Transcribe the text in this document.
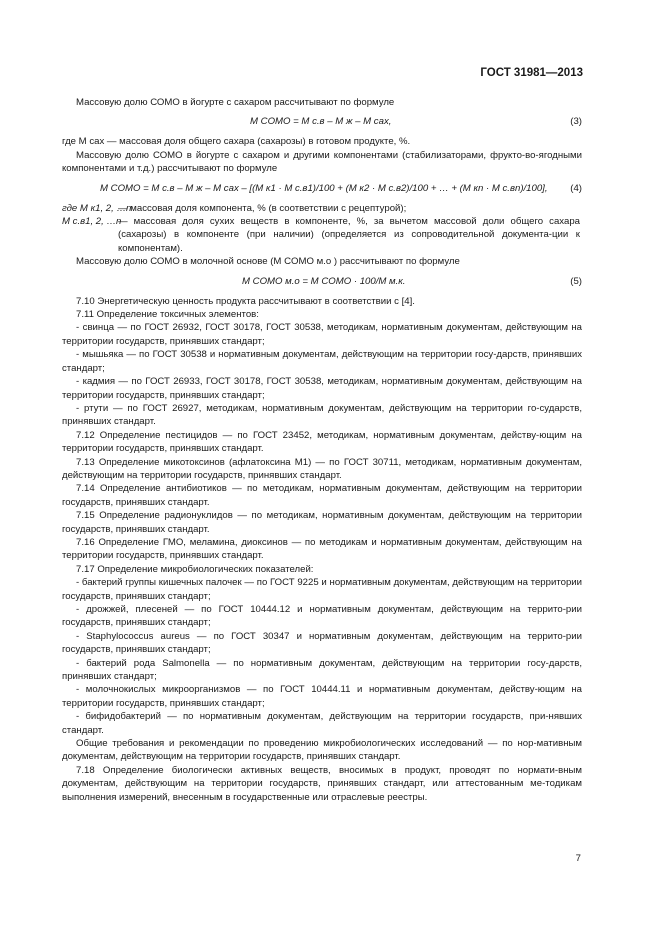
ГОСТ 31981—2013

Массовую долю СОМО в йогурте с сахаром рассчитывают по формуле

M COMO = M с.в – M ж – M сах,	(3)

где M сах — массовая доля общего сахара (сахарозы) в готовом продукте, %.

Массовую долю СОМО в йогурте с сахаром и другими компонентами (стабилизаторами, фрукто-во-ягодными компонентами и т.д.) рассчитывают по формуле

M COMO = M с.в – M ж – M сах – [(M к1 · M с.в1)/100 + (M к2 · M с.в2)/100 + … + (M кn · M с.вn)/100], (4)
где M к1, 2, …n— массовая доля компонента, % (в соответствии с рецептурой);
M с.в1, 2, …n— массовая доля сухих веществ в компоненте, %, за вычетом массовой доли общего сахара (сахарозы) в компоненте (при наличии) (определяется из сопроводительной документа-ции к компонентам).

Массовую долю СОМО в молочной основе (M COMO м.о ) рассчитывают по формуле

M COMO м.о = M COMO · 100/M м.к.	(5)

7.10 Энергетическую ценность продукта рассчитывают в соответствии с [4].

7.11 Определение токсичных элементов:

- свинца — по ГОСТ 26932, ГОСТ 30178, ГОСТ 30538, методикам, нормативным документам, действующим на территории государств, принявших стандарт;

- мышьяка — по ГОСТ 30538 и нормативным документам, действующим на территории госу-дарств, принявших стандарт;

- кадмия — по ГОСТ 26933, ГОСТ 30178, ГОСТ 30538, методикам, нормативным документам, действующим на территории государств, принявших стандарт;

- ртути — по ГОСТ 26927, методикам, нормативным документам, действующим на территории го-сударств, принявших стандарт.

7.12 Определение пестицидов — по ГОСТ 23452, методикам, нормативным документам, действу-ющим на территории государств, принявших стандарт.

7.13 Определение микотоксинов (афлатоксина M1) — по ГОСТ 30711, методикам, нормативным документам, действующим на территории государств, принявших стандарт.

7.14 Определение антибиотиков — по методикам, нормативным документам, действующим на территории государств, принявших стандарт.

7.15 Определение радионуклидов — по методикам, нормативным документам, действующим на территории государств, принявших стандарт.

7.16 Определение ГМО, меламина, диоксинов — по методикам и нормативным документам, действующим на территории государств, принявших стандарт.

7.17 Определение микробиологических показателей:

- бактерий группы кишечных палочек — по ГОСТ 9225 и нормативным документам, действующим на территории государств, принявших стандарт;

- дрожжей, плесеней — по ГОСТ 10444.12 и нормативным документам, действующим на террито-рии государств, принявших стандарт;

- Staphylococcus aureus — по ГОСТ 30347 и нормативным документам, действующим на террито-рии государств, принявших стандарт;

- бактерий рода Salmonella — по нормативным документам, действующим на территории госу-дарств, принявших стандарт;

- молочнокислых микроорганизмов — по ГОСТ 10444.11 и нормативным документам, действу-ющим на территории государств, принявших стандарт;

- бифидобактерий — по нормативным документам, действующим на территории государств, при-нявших стандарт.

Общие требования и рекомендации по проведению микробиологических исследований — по нор-мативным документам, действующим на территории государств, принявших стандарт.

7.18 Определение биологически активных веществ, вносимых в продукт, проводят по нормати-вным документам, действующим на территории государств, принявших стандарт, или аттестованным ме-тодикам выполнения измерений, внесенным в государственные или отраслевые реестры.

7
